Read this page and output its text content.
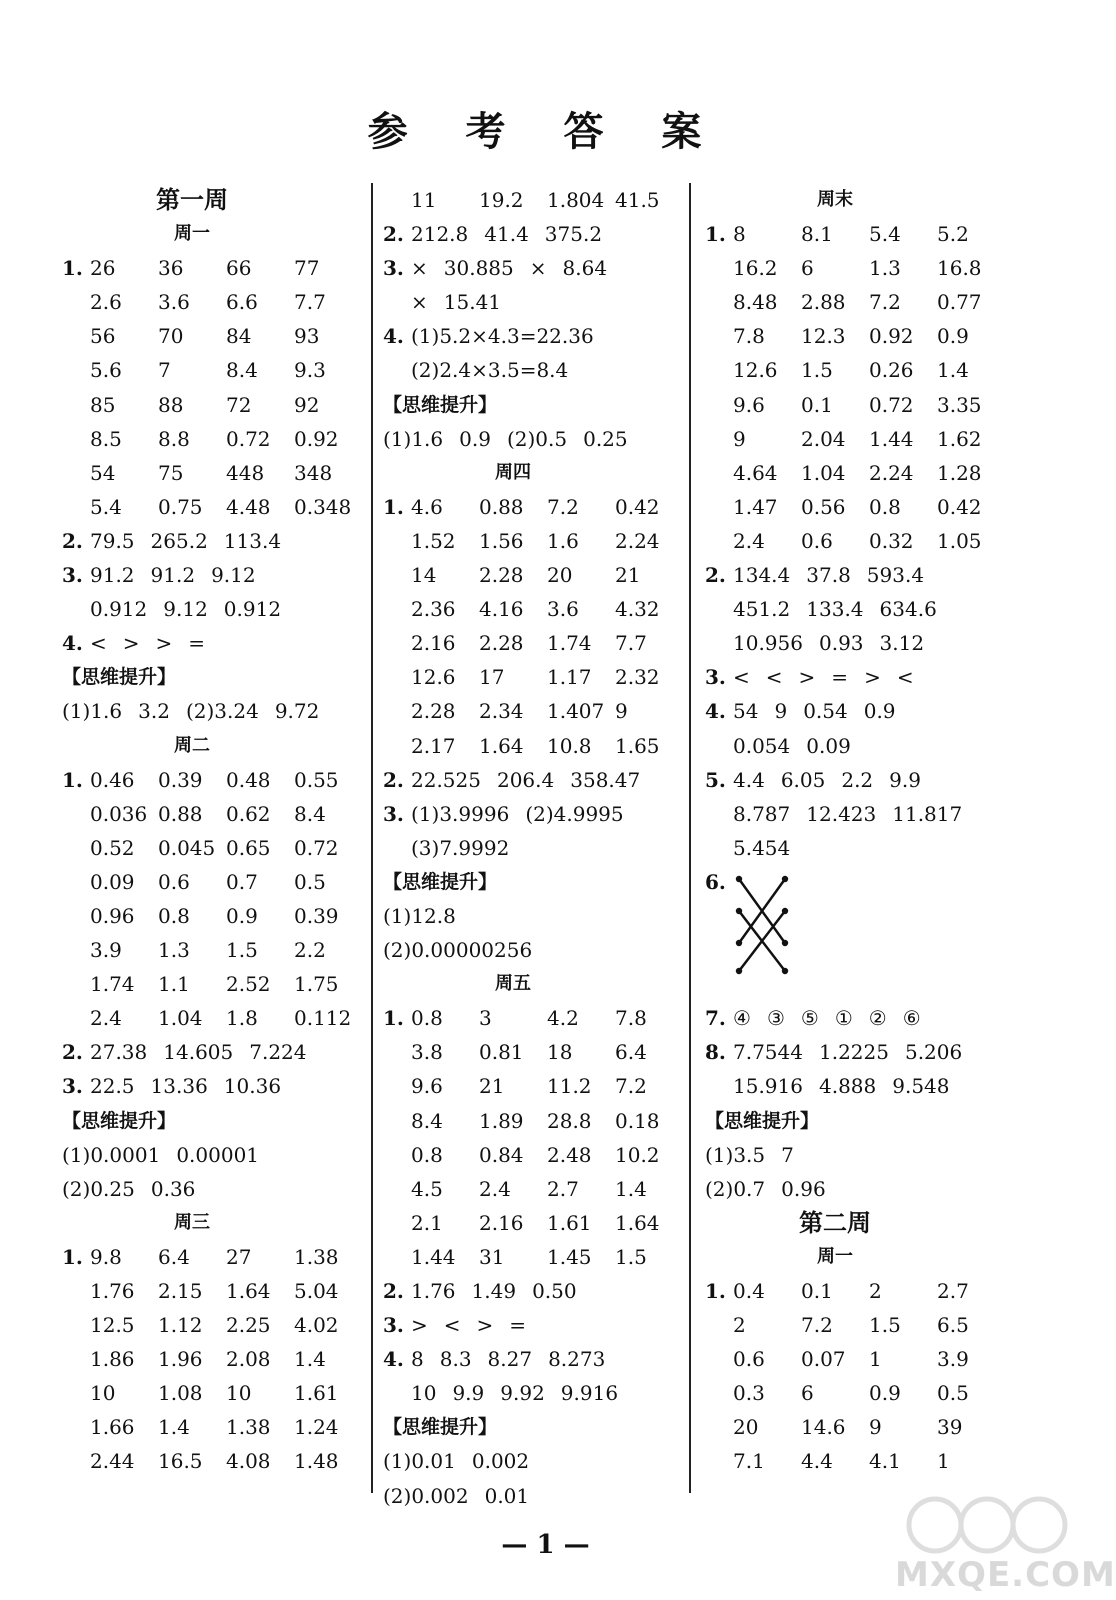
参 考 答 案
第一周
周一
1. 26 36 66 77
2.6 3.6 6.6 7.7
56 70 84 93
5.6 7	8.4 9.3
85 88 72 92
8.5 8.8 0.72 0.92
54 75 448 348
5.4 0.75 4.48 0.348
2. 79.5 265.2 113.4
3. 91.2 91.2 9.12
0.912 9.12 0.912
4. < > > =
【思维提升】
(1)1.6 3.2 (2)3.24 9.72
周二
1. 0.46 0.39 0.48 0.55
0.036 0.88 0.62 8.4
0.52 0.045 0.65 0.72
0.09 0.6 0.7 0.5
0.96 0.8 0.9 0.39
3.9 1.3 1.5 2.2
1.74 1.1 2.52 1.75
2.4 1.04 1.8 0.112
2. 27.38 14.605 7.224
3. 22.5 13.36 10.36
【思维提升】
(1)0.0001 0.00001
(2)0.25 0.36
周三
1. 9.8 6.4 27 1.38
1.76 2.15 1.64 5.04
12.5 1.12 2.25 4.02
1.86 1.96 2.08 1.4
10 1.08 10 1.61
1.66 1.4 1.38 1.24
2.44 16.5 4.08 1.48
11 19.2 1.804 41.5
2. 212.8 41.4 375.2
3. × 30.885 × 8.64
× 15.41
4. (1)5.2×4.3=22.36
(2)2.4×3.5=8.4
【思维提升】
(1)1.6 0.9 (2)0.5 0.25
周四
1. 4.6 0.88 7.2 0.42
1.52 1.56 1.6 2.24
14 2.28 20 21
2.36 4.16 3.6 4.32
2.16 2.28 1.74 7.7
12.6 17 1.17 2.32
2.28 2.34 1.407 9
2.17 1.64 10.8 1.65
2. 22.525 206.4 358.47
3. (1)3.9996 (2)4.9995
(3)7.9992
【思维提升】
(1)12.8
(2)0.00000256
周五
1. 0.8 3	4.2 7.8
3.8 0.81 18 6.4
9.6 21 11.2 7.2
8.4 1.89 28.8 0.18
0.8 0.84 2.48 10.2
4.5 2.4 2.7 1.4
2.1 2.16 1.61 1.64
1.44 31 1.45 1.5
2. 1.76 1.49 0.50
3. > < > =
4. 8 8.3 8.27 8.273
10 9.9 9.92 9.916
【思维提升】
(1)0.01 0.002
(2)0.002 0.01
周末
1. 8	8.1 5.4 5.2
16.2 6	1.3 16.8
8.48 2.88 7.2 0.77
7.8 12.3 0.92 0.9
12.6 1.5 0.26 1.4
9.6 0.1 0.72 3.35
9	2.04 1.44 1.62
4.64 1.04 2.24 1.28
1.47 0.56 0.8 0.42
2.4 0.6 0.32 1.05
2. 134.4 37.8 593.4
451.2 133.4 634.6
10.956 0.93 3.12
3. < < > = > <
4. 54 9 0.54 0.9
0.054 0.09
5. 4.4 6.05 2.2 9.9
8.787 12.423 11.817
5.454
6.
7. ④ ③ ⑤ ① ② ⑥
8. 7.7544 1.2225 5.206
15.916 4.888 9.548
【思维提升】
(1)3.5 7
(2)0.7 0.96
第二周
周一
1. 0.4 0.1 2	2.7
2	7.2 1.5 6.5
0.6 0.07 1	3.9
0.3 6	0.9 0.5
20 14.6 9	39
7.1 4.4 4.1 1
— 1 —
MXQE.COM
